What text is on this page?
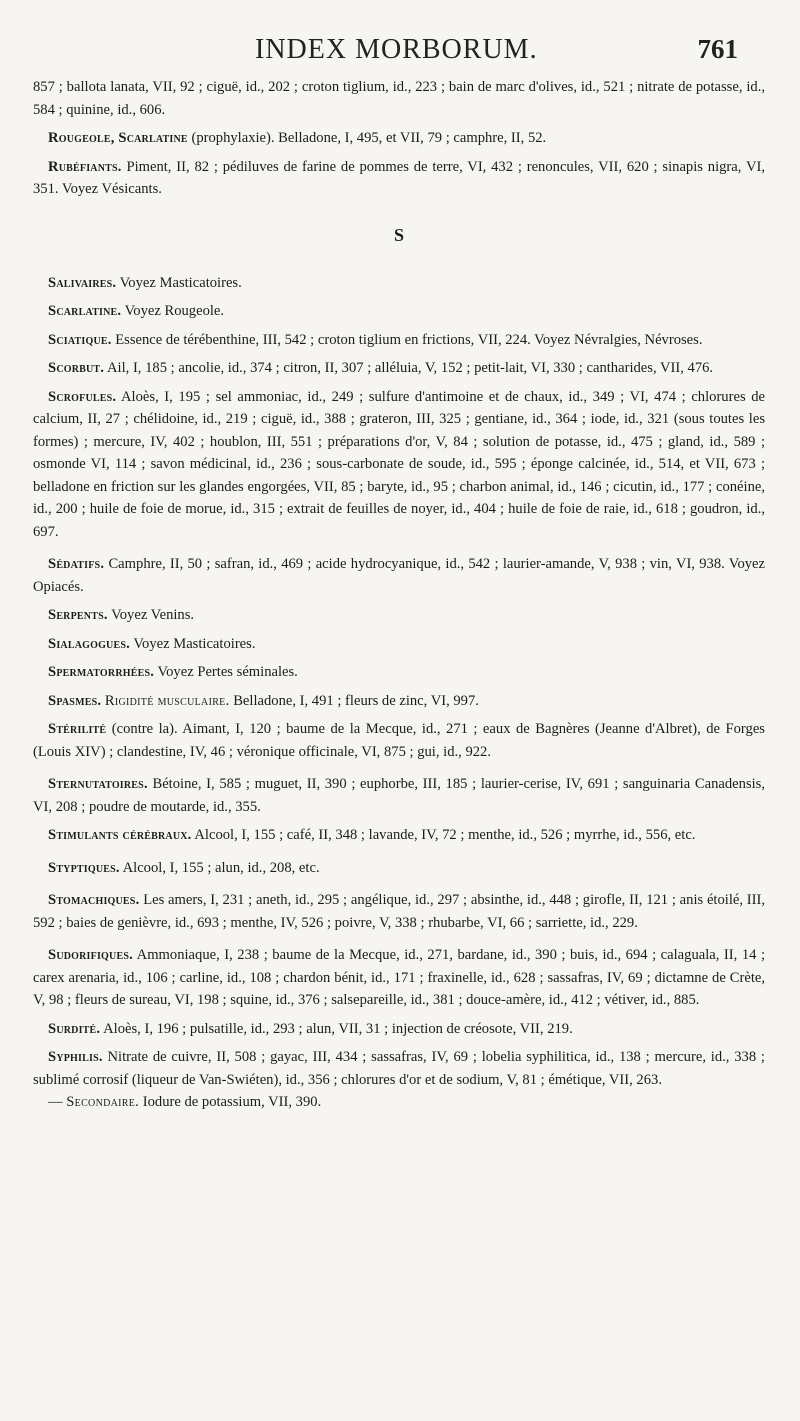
INDEX MORBORUM.	761

857 ; ballota lanata, VII, 92 ; ciguë, id., 202 ; croton tiglium, id., 223 ; bain de marc d'olives, id., 521 ; nitrate de potasse, id., 584 ; quinine, id., 606.

Rougeole, Scarlatine (prophylaxie). Belladone, I, 495, et VII, 79 ; camphre, II, 52.

Rubéfiants. Piment, II, 82 ; pédiluves de farine de pommes de terre, VI, 432 ; renoncules, VII, 620 ; sinapis nigra, VI, 351. Voyez Vésicants.

S

Salivaires. Voyez Masticatoires.

Scarlatine. Voyez Rougeole.

Sciatique. Essence de térébenthine, III, 542 ; croton tiglium en frictions, VII, 224. Voyez Névralgies, Névroses.

Scorbut. Ail, I, 185 ; ancolie, id., 374 ; citron, II, 307 ; alléluia, V, 152 ; petit-lait, VI, 330 ; cantharides, VII, 476.

Scrofules. Aloès, I, 195 ; sel ammoniac, id., 249 ; sulfure d'antimoine et de chaux, id., 349 ; VI, 474 ; chlorures de calcium, II, 27 ; chélidoine, id., 219 ; ciguë, id., 388 ; grateron, III, 325 ; gentiane, id., 364 ; iode, id., 321 (sous toutes les formes) ; mercure, IV, 402 ; houblon, III, 551 ; préparations d'or, V, 84 ; solution de potasse, id., 475 ; gland, id., 589 ; osmonde VI, 114 ; savon médicinal, id., 236 ; sous-carbonate de soude, id., 595 ; éponge calcinée, id., 514, et VII, 673 ; belladone en friction sur les glandes engorgées, VII, 85 ; baryte, id., 95 ; charbon animal, id., 146 ; cicutin, id., 177 ; conéine, id., 200 ; huile de foie de morue, id., 315 ; extrait de feuilles de noyer, id., 404 ; huile de foie de raie, id., 618 ; goudron, id., 697.

Sédatifs. Camphre, II, 50 ; safran, id., 469 ; acide hydrocyanique, id., 542 ; laurier-amande, V, 938 ; vin, VI, 938. Voyez Opiacés.

Serpents. Voyez Venins.

Sialagogues. Voyez Masticatoires.

Spermatorrhées. Voyez Pertes séminales.

Spasmes. Rigidité musculaire. Belladone, I, 491 ; fleurs de zinc, VI, 997.

Stérilité (contre la). Aimant, I, 120 ; baume de la Mecque, id., 271 ; eaux de Bagnères (Jeanne d'Albret), de Forges (Louis XIV) ; clandestine, IV, 46 ; véronique officinale, VI, 875 ; gui, id., 922.

Sternutatoires. Bétoine, I, 585 ; muguet, II, 390 ; euphorbe, III, 185 ; laurier-cerise, IV, 691 ; sanguinaria Canadensis, VI, 208 ; poudre de moutarde, id., 355.

Stimulants cérébraux. Alcool, I, 155 ; café, II, 348 ; lavande, IV, 72 ; menthe, id., 526 ; myrrhe, id., 556, etc.

Styptiques. Alcool, I, 155 ; alun, id., 208, etc.

Stomachiques. Les amers, I, 231 ; aneth, id., 295 ; angélique, id., 297 ; absinthe, id., 448 ; girofle, II, 121 ; anis étoilé, III, 592 ; baies de genièvre, id., 693 ; menthe, IV, 526 ; poivre, V, 338 ; rhubarbe, VI, 66 ; sarriette, id., 229.

Sudorifiques. Ammoniaque, I, 238 ; baume de la Mecque, id., 271, bardane, id., 390 ; buis, id., 694 ; calaguala, II, 14 ; carex arenaria, id., 106 ; carline, id., 108 ; chardon bénit, id., 171 ; fraxinelle, id., 628 ; sassafras, IV, 69 ; dictamne de Crète, V, 98 ; fleurs de sureau, VI, 198 ; squine, id., 376 ; salsepareille, id., 381 ; douce-amère, id., 412 ; vétiver, id., 885.

Surdité. Aloès, I, 196 ; pulsatille, id., 293 ; alun, VII, 31 ; injection de créosote, VII, 219.

Syphilis. Nitrate de cuivre, II, 508 ; gayac, III, 434 ; sassafras, IV, 69 ; lobelia syphilitica, id., 138 ; mercure, id., 338 ; sublimé corrosif (liqueur de Van-Swiéten), id., 356 ; chlorures d'or et de sodium, V, 81 ; émétique, VII, 263.

— Secondaire. Iodure de potassium, VII, 390.
